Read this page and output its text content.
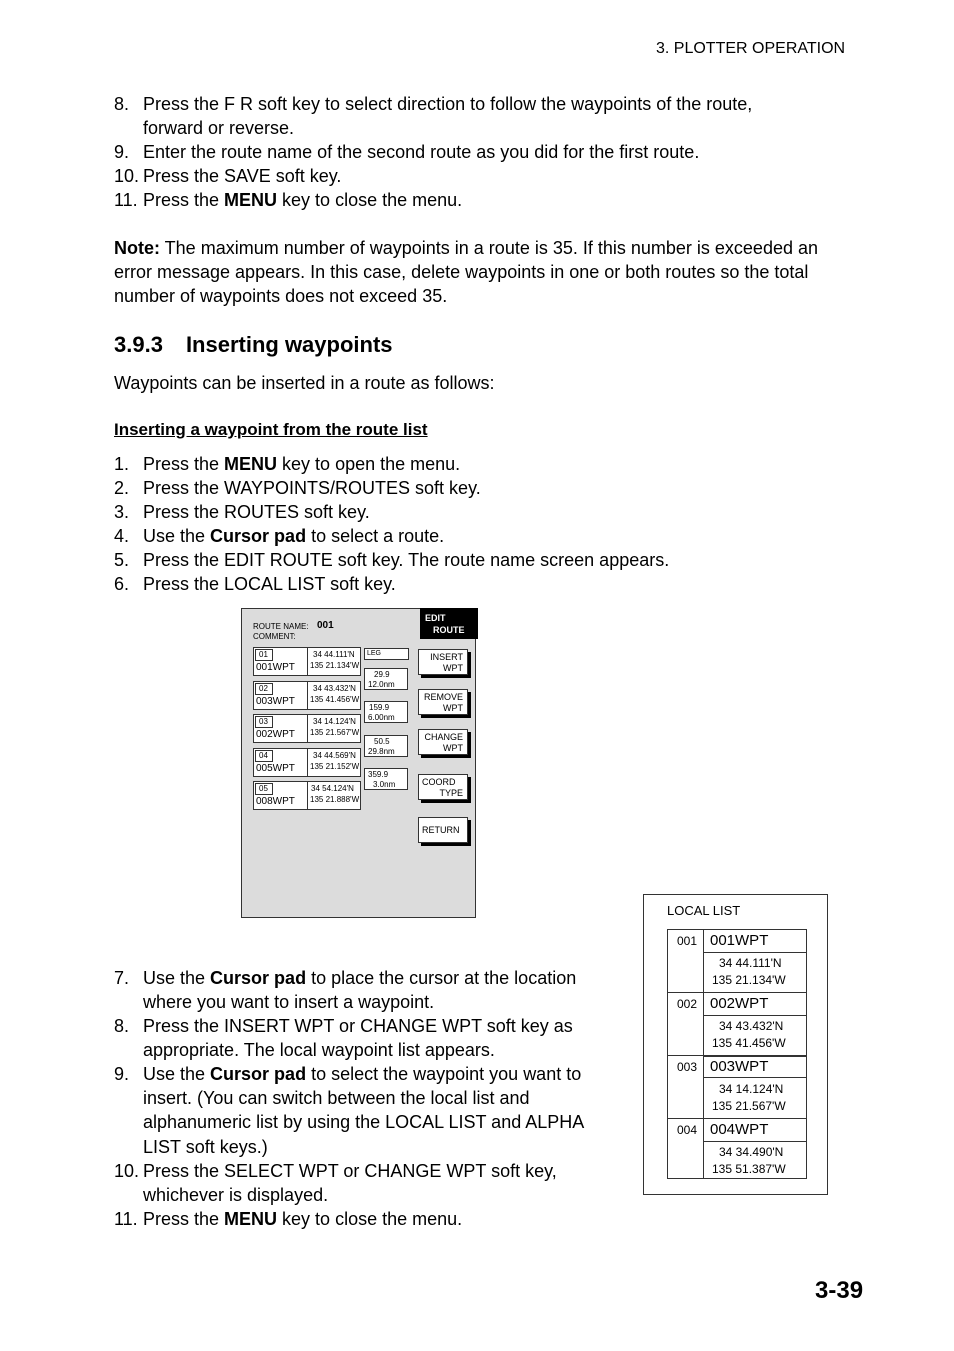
3. PLOTTER OPERATION
8. Press the F R soft key to select direction to follow the waypoints of the route,
forward or reverse.
9. Enter the route name of the second route as you did for the first route.
10. Press the SAVE soft key.
11. Press the MENU key to close the menu.
Note: The maximum number of waypoints in a route is 35. If this number is exceeded an
error message appears. In this case, delete waypoints in one or both routes so the total
number of waypoints does not exceed 35.
3.9.3 Inserting waypoints
Waypoints can be inserted in a route as follows:
Inserting a waypoint from the route list
1. Press the MENU key to open the menu.
2. Press the WAYPOINTS/ROUTES soft key.
3. Press the ROUTES soft key.
4. Use the Cursor pad to select a route.
5. Press the EDIT ROUTE soft key. The route name screen appears.
6. Press the LOCAL LIST soft key.
ROUTE NAME: 001
COMMENT:
EDIT
ROUTE
01
001WPT
34 44.111'N
135 21.134'W
02
003WPT
34 43.432'N
135 41.456'W
03
002WPT
34 14.124'N
135 21.567'W
04
005WPT
34 44.569'N
135 21.152'W
05
008WPT
34 54.124'N
135 21.888'W
LEG
29.9
12.0nm
159.9
6.00nm
50.5
29.8nm
359.9
3.0nm
INSERT
WPT
REMOVE
WPT
CHANGE
WPT
COORD
TYPE
RETURN
7. Use the Cursor pad to place the cursor at the location
where you want to insert a waypoint.
8. Press the INSERT WPT or CHANGE WPT soft key as
appropriate. The local waypoint list appears.
9. Use the Cursor pad to select the waypoint you want to
insert. (You can switch between the local list and
alphanumeric list by using the LOCAL LIST and ALPHA
LIST soft keys.)
10. Press the SELECT WPT or CHANGE WPT soft key,
whichever is displayed.
11. Press the MENU key to close the menu.
LOCAL LIST
001 001WPT
34 44.111'N
135 21.134'W
002 002WPT
34 43.432'N
135 41.456'W
003 003WPT
34 14.124'N
135 21.567'W
004 004WPT
34 34.490'N
135 51.387'W
3-39
